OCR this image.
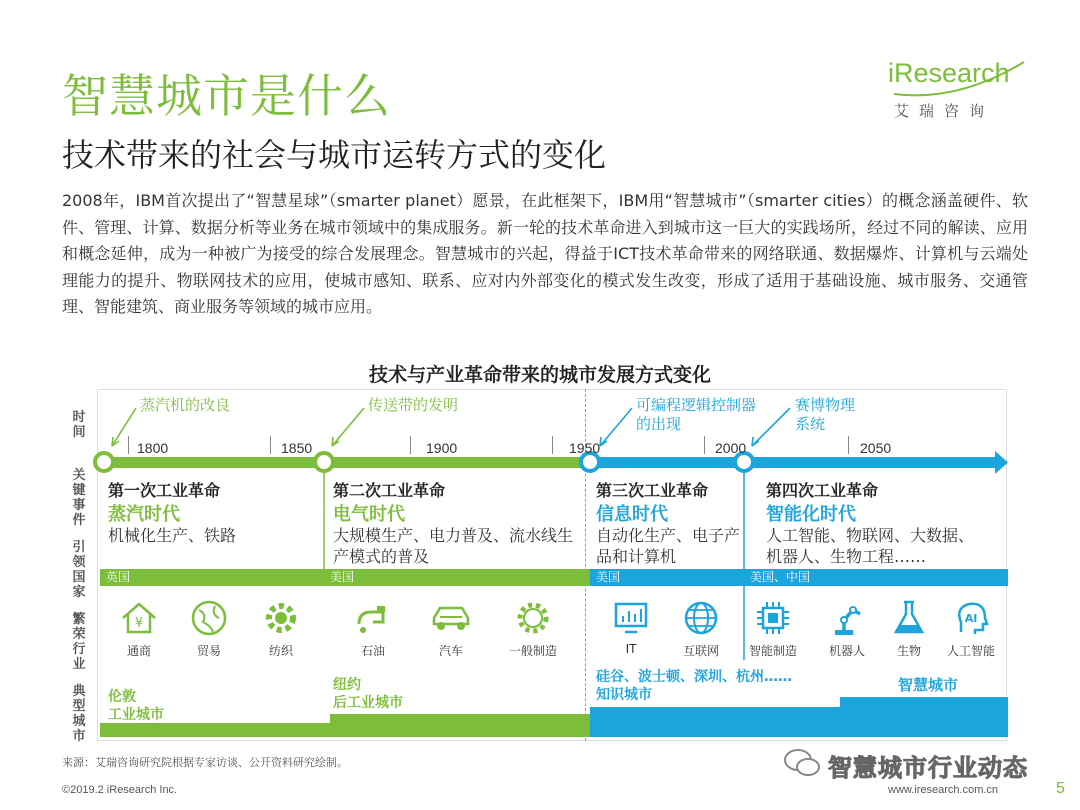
智慧城市是什么
技术带来的社会与城市运转方式的变化
iResearch
艾瑞咨询
2008年，IBM首次提出了“智慧星球”（smarter planet）愿景，在此框架下，IBM用“智慧城市”（smarter cities）的概念涵盖硬件、软件、管理、计算、数据分析等业务在城市领域中的集成服务。新一轮的技术革命进入到城市这一巨大的实践场所，经过不同的解读、应用和概念延伸，成为一种被广为接受的综合发展理念。智慧城市的兴起，得益于ICT技术革命带来的网络联通、数据爆炸、计算机与云端处理能力的提升、物联网技术的应用，使城市感知、联系、应对内外部变化的模式发生改变，形成了适用于基础设施、城市服务、交通管理、智能建筑、商业服务等领域的城市应用。
技术与产业革命带来的城市发展方式变化
时间
关键事件
引领国家
繁荣行业
典型城市
蒸汽机的改良	传送带的发明	可编程逻辑控制器的出现
赛博物理系统
1800	1850	1900	1950	2000	2050
第一次工业革命
蒸汽时代
机械化生产、铁路
第二次工业革命
电气时代
大规模生产、电力普及、流水线生产模式的普及
第三次工业革命
信息时代
自动化生产、电子产品和计算机
第四次工业革命
智能化时代
人工智能、物联网、大数据、机器人、生物工程……
英国	美国	美国	美国、中国
¥
通商	贸易	纺织	石油	汽车	一般制造	IT	互联网	智能制造	机器人	生物
AI
人工智能
伦敦
工业城市
纽约
后工业城市
硅谷、波士顿、深圳、杭州……
知识城市
智慧城市
来源：艾瑞咨询研究院根据专家访谈、公开资料研究绘制。	智慧城市行业动态
©2019.2 iResearch Inc.	www.iresearch.com.cn	5
